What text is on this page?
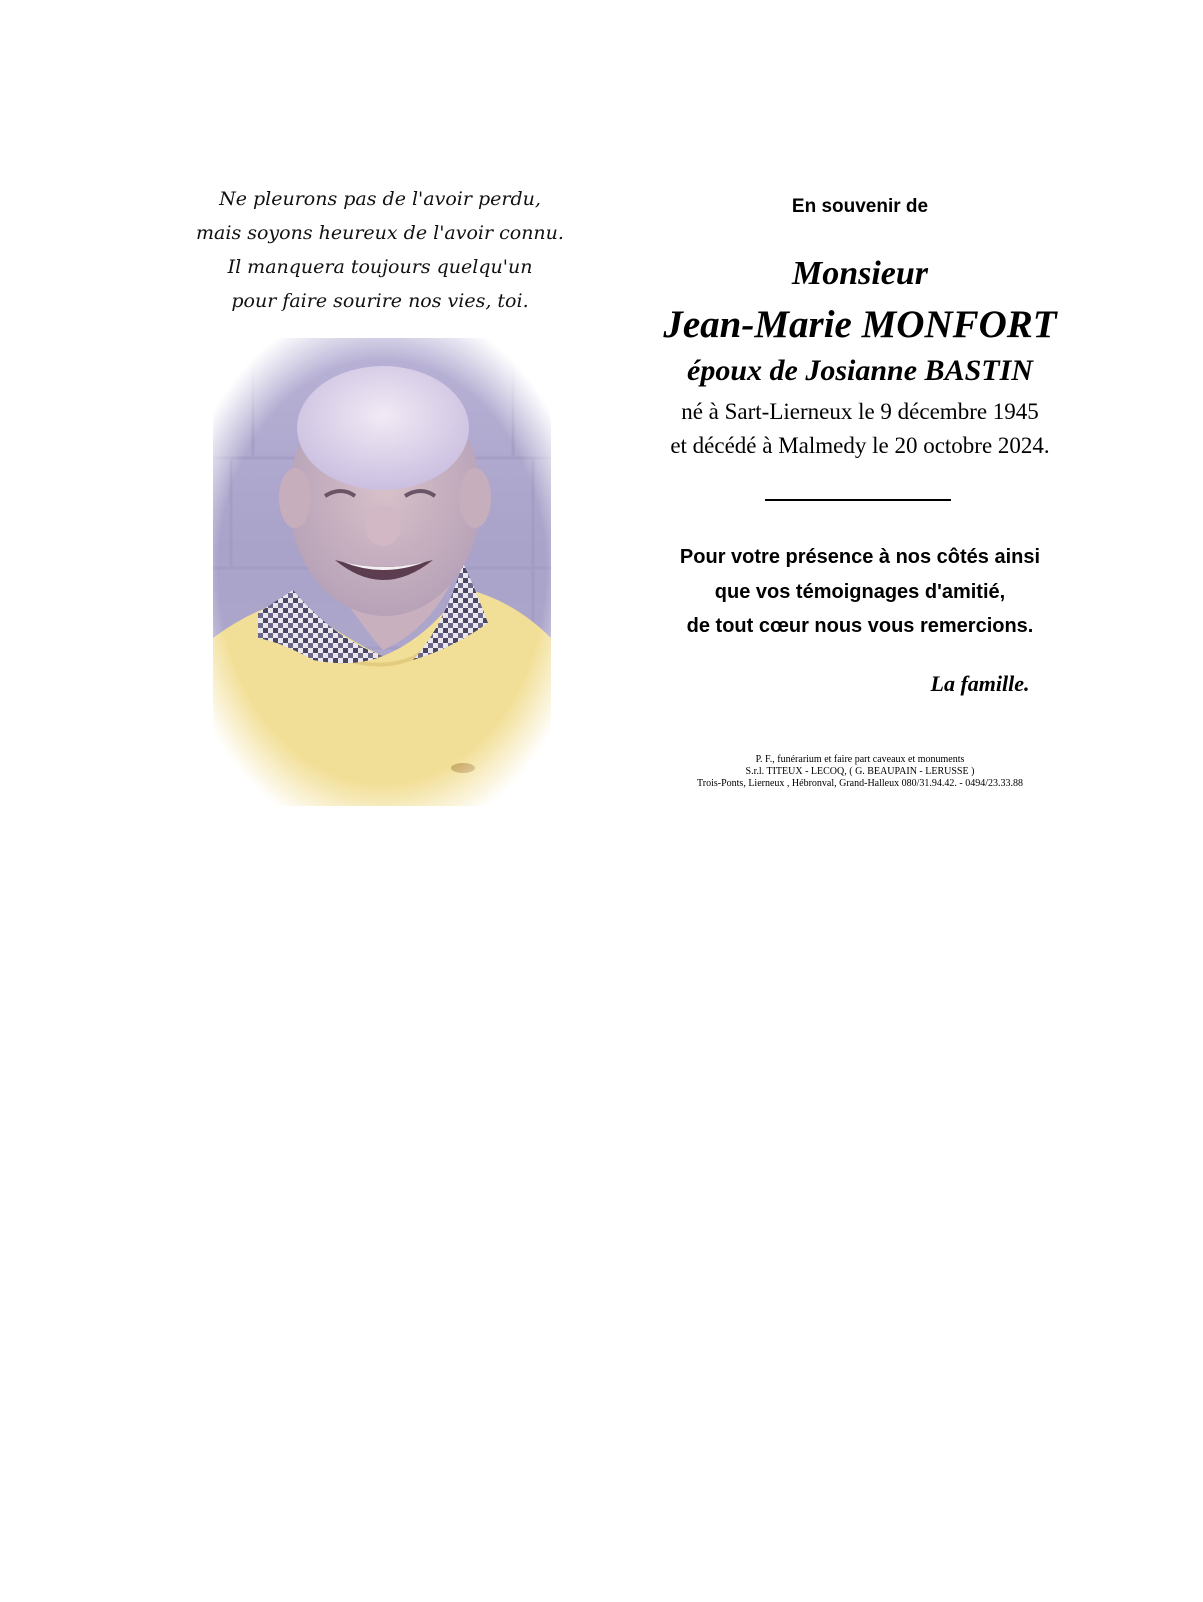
Ne pleurons pas de l'avoir perdu,
mais soyons heureux de l'avoir connu.
Il manquera toujours quelqu'un
pour faire sourire nos vies, toi.
En souvenir de
Monsieur
Jean-Marie MONFORT
époux de Josianne BASTIN
né à Sart-Lierneux le 9 décembre 1945
et décédé à Malmedy le 20 octobre 2024.
Pour votre présence à nos côtés ainsi
que vos témoignages d'amitié,
de tout cœur nous vous remercions.
La famille.
P. F., funérarium et faire part caveaux et monuments
S.r.l. TITEUX - LECOQ, ( G. BEAUPAIN - LERUSSE )
Trois-Ponts, Lierneux , Hébronval, Grand-Halleux 080/31.94.42. - 0494/23.33.88
